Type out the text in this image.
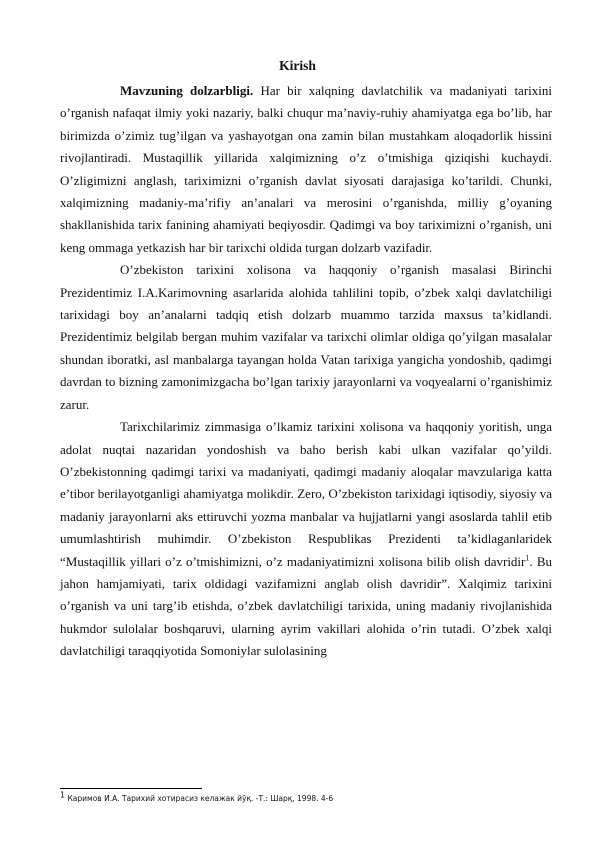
Kirish

Mavzuning dolzarbligi. Har bir xalqning davlatchilik va madaniyati tarixini o’rganish nafaqat ilmiy yoki nazariy, balki chuqur ma’naviy-ruhiy ahamiyatga ega bo’lib, har birimizda o’zimiz tug’ilgan va yashayotgan ona zamin bilan mustahkam aloqadorlik hissini rivojlantiradi. Mustaqillik yillarida xalqimizning o’z o’tmishiga qiziqishi kuchaydi. O’zligimizni anglash, tariximizni o’rganish davlat siyosati darajasiga ko’tarildi. Chunki, xalqimizning madaniy-ma’rifiy an’analari va merosini o’rganishda, milliy g’oyaning shakllanishida tarix fanining ahamiyati beqiyosdir. Qadimgi va boy tariximizni o’rganish, uni keng ommaga yetkazish har bir tarixchi oldida turgan dolzarb vazifadir.

O’zbekiston tarixini xolisona va haqqoniy o’rganish masalasi Birinchi Prezidentimiz I.A.Karimovning asarlarida alohida tahlilini topib, o’zbek xalqi davlatchiligi tarixidagi boy an’analarni tadqiq etish dolzarb muammo tarzida maxsus ta’kidlandi. Prezidentimiz belgilab bergan muhim vazifalar va tarixchi olimlar oldiga qo’yilgan masalalar shundan iboratki, asl manbalarga tayangan holda Vatan tarixiga yangicha yondoshib, qadimgi davrdan to bizning zamonimizgacha bo’lgan tarixiy jarayonlarni va voqyealarni o’rganishimiz zarur.

Tarixchilarimiz zimmasiga o’lkamiz tarixini xolisona va haqqoniy yoritish, unga adolat nuqtai nazaridan yondoshish va baho berish kabi ulkan vazifalar qo’yildi. O’zbekistonning qadimgi tarixi va madaniyati, qadimgi madaniy aloqalar mavzulariga katta e’tibor berilayotganligi ahamiyatga molikdir. Zero, O’zbekiston tarixidagi iqtisodiy, siyosiy va madaniy jarayonlarni aks ettiruvchi yozma manbalar va hujjatlarni yangi asoslarda tahlil etib umumlashtirish muhimdir. O’zbekiston Respublikas Prezidenti ta’kidlaganlaridek “Mustaqillik yillari o’z o’tmishimizni, o’z madaniyatimizni xolisona bilib olish davridir$^1$. Bu jahon hamjamiyati, tarix oldidagi vazifamizni anglab olish davridir”. Xalqimiz tarixini o’rganish va uni targ’ib etishda, o’zbek davlatchiligi tarixida, uning madaniy rivojlanishida hukmdor sulolalar boshqaruvi, ularning ayrim vakillari alohida o’rin tutadi. O’zbek xalqi davlatchiligi taraqqiyotida Somoniylar sulolasining

$^1$ Каримов И.А. Тарихий хотирасиз келажак йўқ. -Т.: Шарқ, 1998. 4-6
